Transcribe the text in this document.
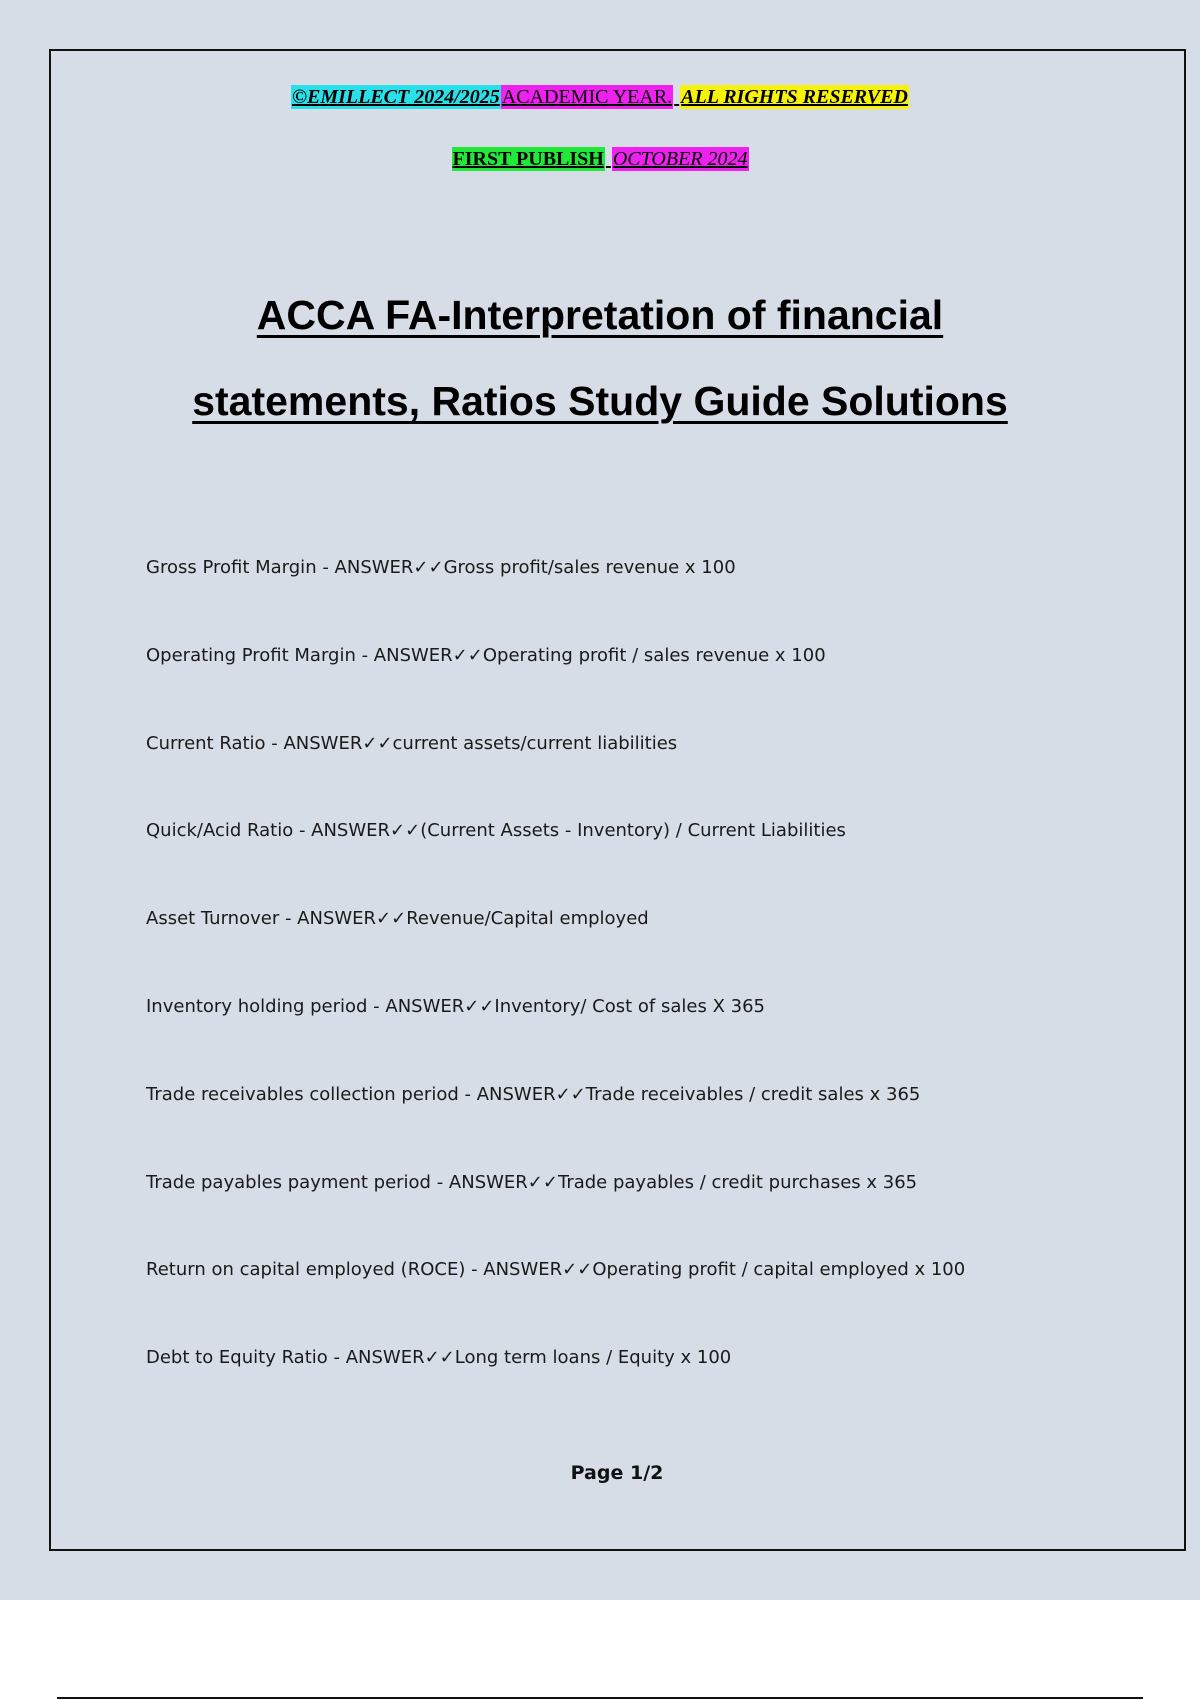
©EMILLECT 2024/2025 ACADEMIC YEAR. ALL RIGHTS RESERVED
FIRST PUBLISH OCTOBER 2024
ACCA FA-Interpretation of financial
statements, Ratios Study Guide Solutions
Gross Profit Margin - ANSWER✓✓Gross profit/sales revenue x 100
Operating Profit Margin - ANSWER✓✓Operating profit / sales revenue x 100
Current Ratio - ANSWER✓✓current assets/current liabilities
Quick/Acid Ratio - ANSWER✓✓(Current Assets - Inventory) / Current Liabilities
Asset Turnover - ANSWER✓✓Revenue/Capital employed
Inventory holding period - ANSWER✓✓Inventory/ Cost of sales X 365
Trade receivables collection period - ANSWER✓✓Trade receivables / credit sales x 365
Trade payables payment period - ANSWER✓✓Trade payables / credit purchases x 365
Return on capital employed (ROCE) - ANSWER✓✓Operating profit / capital employed x 100
Debt to Equity Ratio - ANSWER✓✓Long term loans / Equity x 100
Page 1/2
